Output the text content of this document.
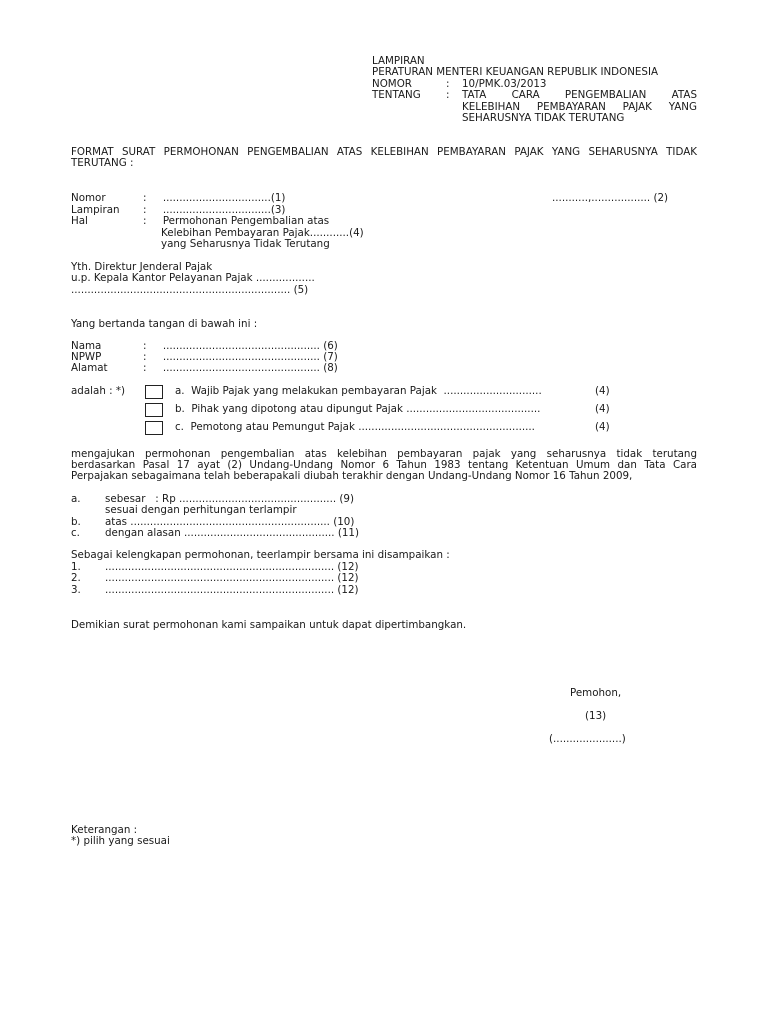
LAMPIRAN
PERATURAN MENTERI KEUANGAN REPUBLIK INDONESIA
NOMOR	: 10/PMK.03/2013
TENTANG : TATA CARA PENGEMBALIAN ATAS
KELEBIHAN PEMBAYARAN PAJAK YANG
SEHARUSNYA TIDAK TERUTANG
FORMAT SURAT PERMOHONAN PENGEMBALIAN ATAS KELEBIHAN PEMBAYARAN PAJAK YANG SEHARUSNYA TIDAK
TERUTANG :
Nomor	:     .................................(1)	...........,.................. (2)
Lampiran :     .................................(3)
Hal	:     Permohonan Pengembalian atas
Kelebihan Pembayaran Pajak............(4)
yang Seharusnya Tidak Terutang
Yth. Direktur Jenderal Pajak
u.p. Kepala Kantor Pelayanan Pajak ..................
................................................................... (5)
Yang bertanda tangan di bawah ini :
Nama	:     ................................................ (6)
NPWP	:     ................................................ (7)
Alamat	:     ................................................ (8)
adalah : *)	a.  Wajib Pajak yang melakukan pembayaran Pajak  ..............................	(4)
b.  Pihak yang dipotong atau dipungut Pajak .........................................	(4)
c.  Pemotong atau Pemungut Pajak ......................................................	(4)
mengajukan permohonan pengembalian atas kelebihan pembayaran pajak yang seharusnya tidak terutang
berdasarkan Pasal 17 ayat (2) Undang-Undang Nomor 6 Tahun 1983 tentang Ketentuan Umum dan Tata Cara
Perpajakan sebagaimana telah beberapakali diubah terakhir dengan Undang-Undang Nomor 16 Tahun 2009,
a. sebesar   : Rp ................................................ (9)
sesuai dengan perhitungan terlampir
b. atas ............................................................. (10)
c. dengan alasan .............................................. (11)
Sebagai kelengkapan permohonan, teerlampir bersama ini disampaikan :
1. ...................................................................... (12)
2. ...................................................................... (12)
3. ...................................................................... (12)
Demikian surat permohonan kami sampaikan untuk dapat dipertimbangkan.
Pemohon,
(13)
(.....................)
Keterangan :
*) pilih yang sesuai
